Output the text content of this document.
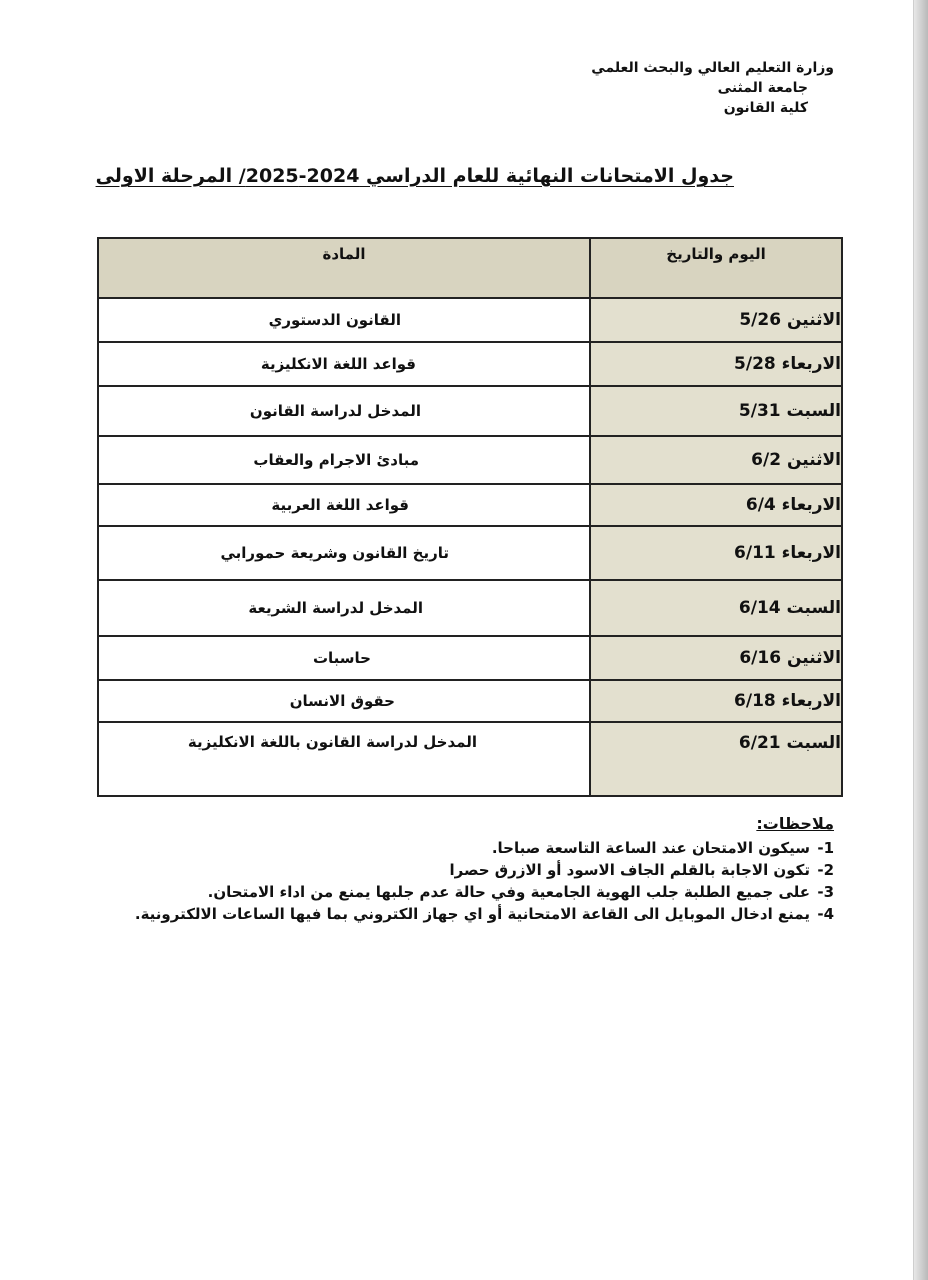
وزارة التعليم العالي والبحث العلمي
جامعة المثنى
كلية القانون
جدول الامتحانات النهائية للعام الدراسي 2024-2025/ المرحلة الاولى
اليوم والتاريخ	المادة
الاثنين 5/26	القانون الدستوري
الاربعاء 5/28	قواعد اللغة الانكليزية
السبت 5/31	المدخل لدراسة القانون
الاثنين 6/2	مبادئ الاجرام والعقاب
الاربعاء 6/4	قواعد اللغة العربية
الاربعاء 6/11	تاريخ القانون وشريعة حمورابي
السبت 6/14	المدخل لدراسة الشريعة
الاثنين 6/16	حاسبات
الاربعاء 6/18	حقوق الانسان
السبت 6/21	المدخل لدراسة القانون باللغة الانكليزية
ملاحظات:
1-سيكون الامتحان عند الساعة التاسعة صباحا.
2-تكون الاجابة بالقلم الجاف الاسود أو الازرق حصرا
3-على جميع الطلبة جلب الهوية الجامعية وفي حالة عدم جلبها يمنع من اداء الامتحان.
4-يمنع ادخال الموبايل الى القاعة الامتحانية أو اي جهاز الكتروني بما فيها الساعات الالكترونية.
